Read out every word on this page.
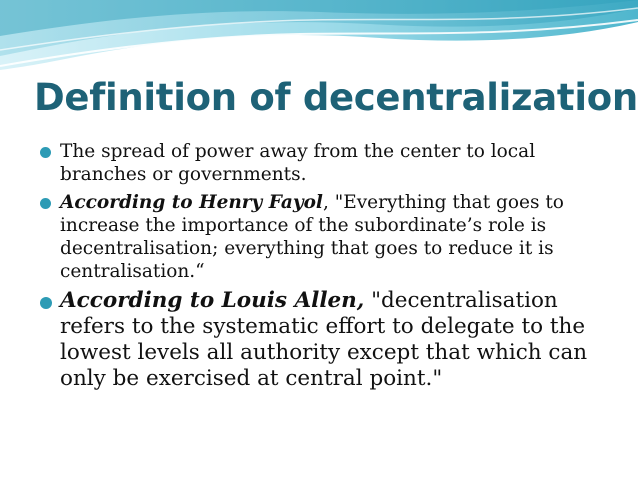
Definition of decentralization
The spread of power away from the center to local branches or governments.
According to Henry Fayol, "Everything that goes to increase the importance of the subordinate’s role is decentralisation; everything that goes to reduce it is centralisation.“
According to Louis Allen, "decentralisation refers to the systematic effort to delegate to the lowest levels all authority except that which can only be exercised at central point."
